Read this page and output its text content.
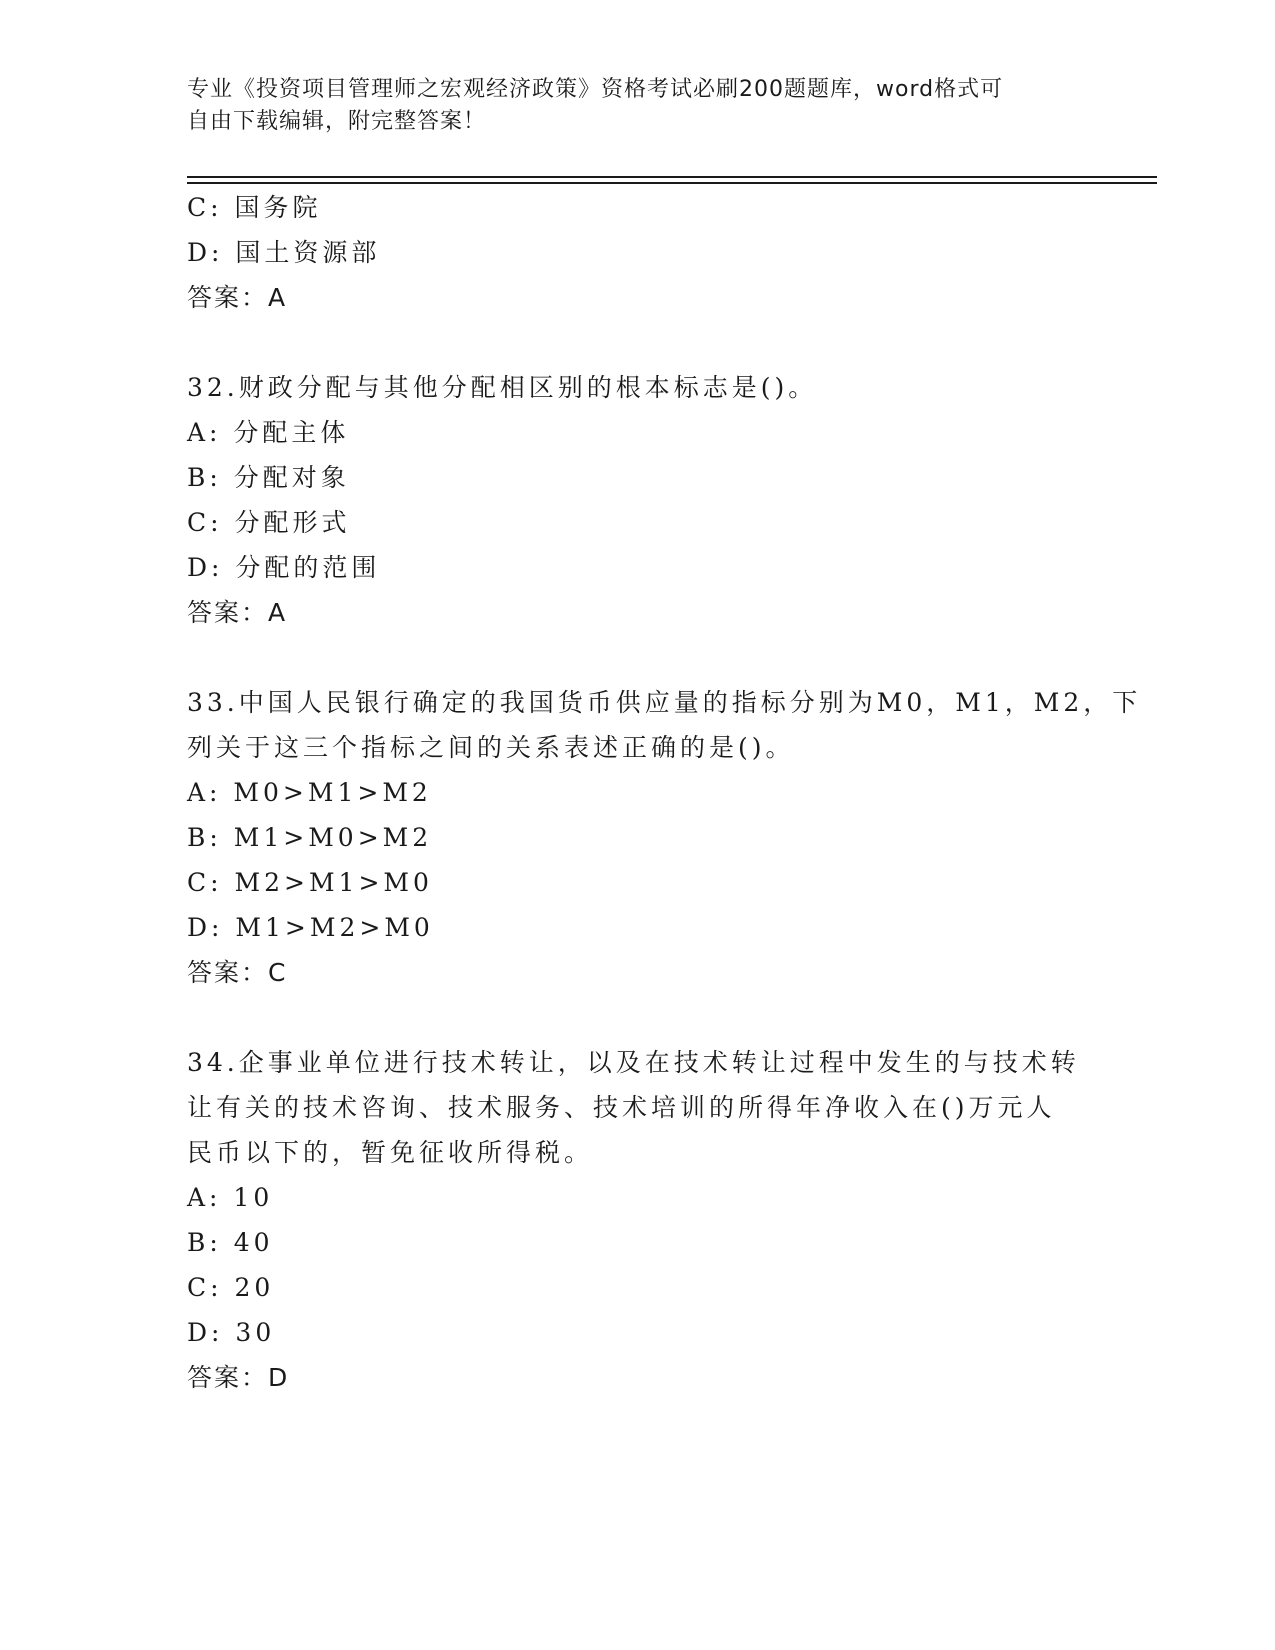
专业《投资项目管理师之宏观经济政策》资格考试必刷200题题库，word格式可
自由下载编辑，附完整答案！
C: 国务院
D: 国土资源部
答案：A
32.财政分配与其他分配相区别的根本标志是()。
A: 分配主体
B: 分配对象
C: 分配形式
D: 分配的范围
答案：A
33.中国人民银行确定的我国货币供应量的指标分别为M0，M1，M2，下
列关于这三个指标之间的关系表述正确的是()。
A: M0>M1>M2
B: M1>M0>M2
C: M2>M1>M0
D: M1>M2>M0
答案：C
34.企事业单位进行技术转让，以及在技术转让过程中发生的与技术转
让有关的技术咨询、技术服务、技术培训的所得年净收入在()万元人
民币以下的，暂免征收所得税。
A: 10
B: 40
C: 20
D: 30
答案：D
